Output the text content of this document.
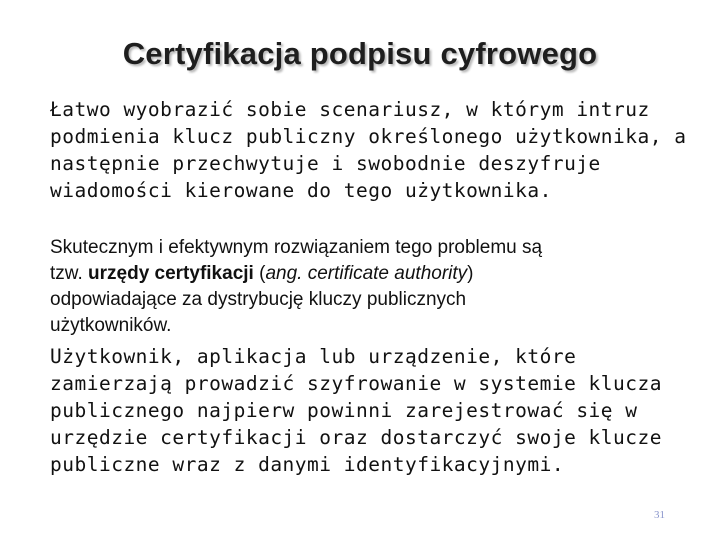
Certyfikacja podpisu cyfrowego

Łatwo wyobrazić sobie scenariusz, w którym intruz podmienia klucz publiczny określonego użytkownika, a następnie przechwytuje i swobodnie deszyfruje wiadomości kierowane do tego użytkownika.

Skutecznym i efektywnym rozwiązaniem tego problemu są
tzw. urzędy certyfikacji (ang. certificate authority)
odpowiadające za dystrybucję kluczy publicznych
użytkowników.

Użytkownik, aplikacja lub urządzenie, które zamierzają prowadzić szyfrowanie w systemie klucza publicznego najpierw powinni zarejestrować się w urzędzie certyfikacji oraz dostarczyć swoje klucze publiczne wraz z danymi identyfikacyjnymi.

31
